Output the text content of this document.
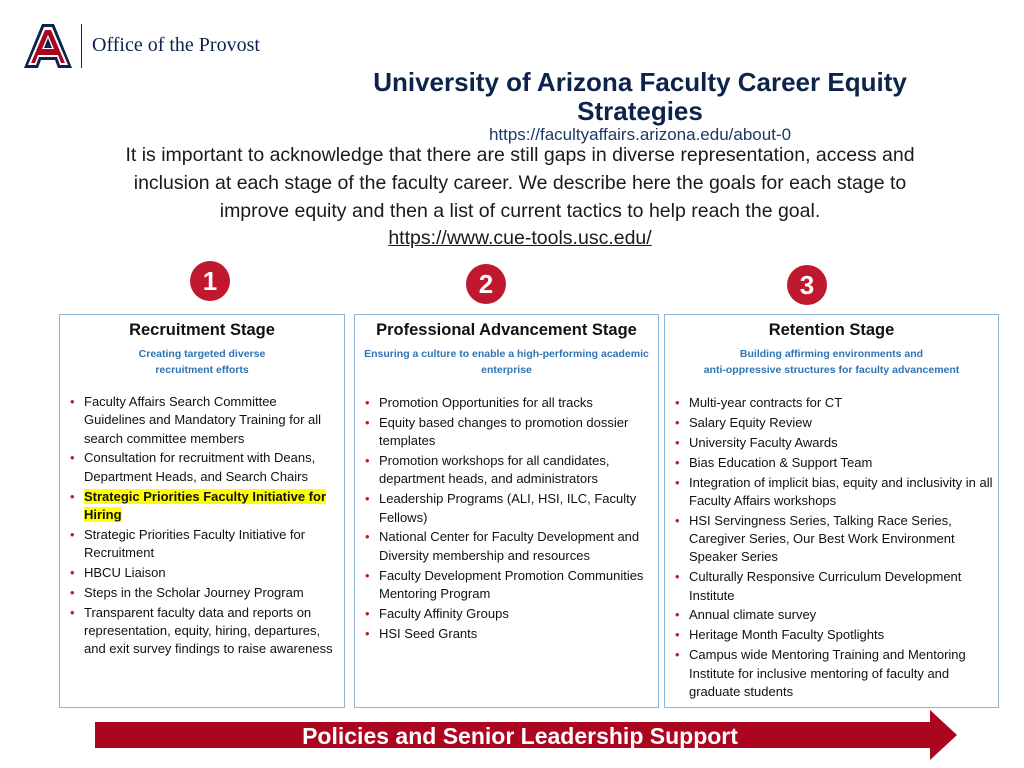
Office of the Provost
University of Arizona Faculty Career Equity Strategies
https://facultyaffairs.arizona.edu/about-0
It is important to acknowledge that there are still gaps in diverse representation, access and inclusion at each stage of the faculty career. We describe here the goals for each stage to improve equity and then a list of current tactics to help reach the goal.
https://www.cue-tools.usc.edu/
1	2	3
Recruitment Stage
Creating targeted diverse
recruitment efforts
• Faculty Affairs Search Committee Guidelines and Mandatory Training for all search committee members
• Consultation for recruitment with Deans, Department Heads, and Search Chairs
• Strategic Priorities Faculty Initiative for Hiring
• Strategic Priorities Faculty Initiative for Recruitment
• HBCU Liaison
• Steps in the Scholar Journey Program
• Transparent faculty data and reports on representation, equity, hiring, departures, and exit survey findings to raise awareness
Professional Advancement Stage
Ensuring a culture to enable a high-performing academic
enterprise
• Promotion Opportunities for all tracks
• Equity based changes to promotion dossier templates
• Promotion workshops for all candidates, department heads, and administrators
• Leadership Programs (ALI, HSI, ILC, Faculty Fellows)
• National Center for Faculty Development and Diversity membership and resources
• Faculty Development Promotion Communities Mentoring Program
• Faculty Affinity Groups
• HSI Seed Grants
Retention Stage
Building affirming environments and
anti-oppressive structures for faculty advancement
• Multi-year contracts for CT
• Salary Equity Review
• University Faculty Awards
• Bias Education & Support Team
• Integration of implicit bias, equity and inclusivity in all Faculty Affairs workshops
• HSI Servingness Series, Talking Race Series, Caregiver Series, Our Best Work Environment Speaker Series
• Culturally Responsive Curriculum Development Institute
• Annual climate survey
• Heritage Month Faculty Spotlights
• Campus wide Mentoring Training and Mentoring Institute for inclusive mentoring of faculty and graduate students
Policies and Senior Leadership Support
